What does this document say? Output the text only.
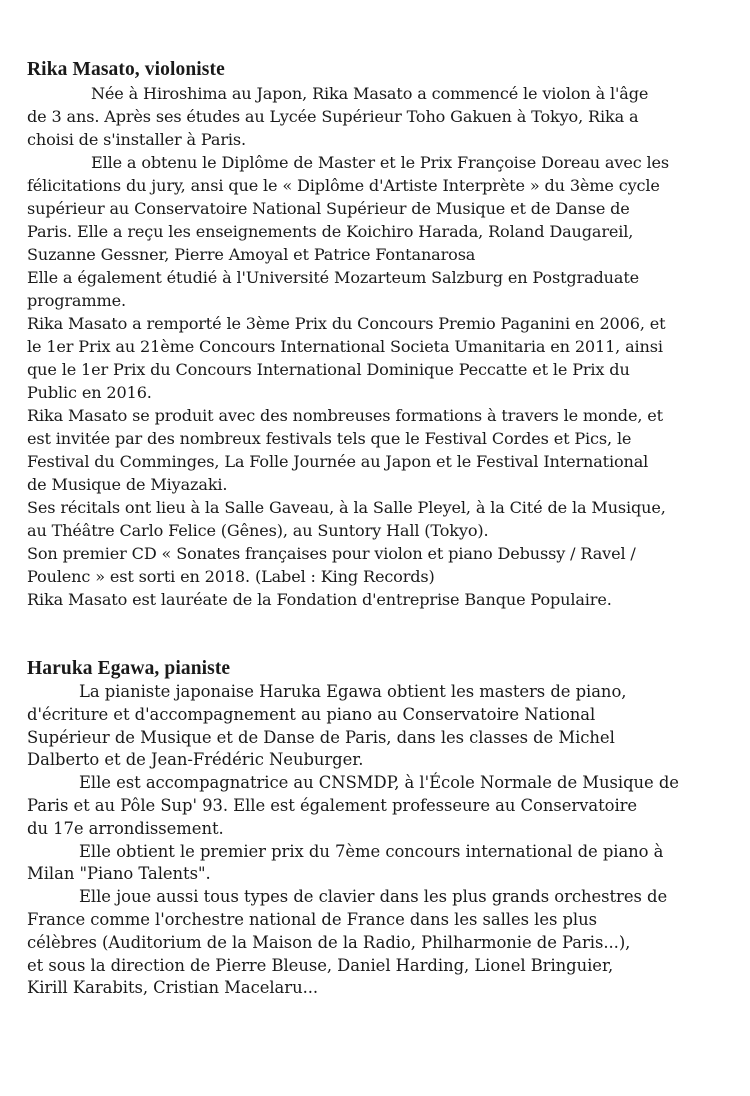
Rika Masato, violoniste
Née à Hiroshima au Japon, Rika Masato a commencé le violon à l'âge
de 3 ans. Après ses études au Lycée Supérieur Toho Gakuen à Tokyo, Rika a
choisi de s'installer à Paris.
Elle a obtenu le Diplôme de Master et le Prix Françoise Doreau avec les
félicitations du jury, ansi que le « Diplôme d'Artiste Interprète » du 3ème cycle
supérieur au Conservatoire National Supérieur de Musique et de Danse de
Paris. Elle a reçu les enseignements de Koichiro Harada, Roland Daugareil,
Suzanne Gessner, Pierre Amoyal et Patrice Fontanarosa
Elle a également étudié à l'Université Mozarteum Salzburg en Postgraduate
programme.
Rika Masato a remporté le 3ème Prix du Concours Premio Paganini en 2006, et
le 1er Prix au 21ème Concours International Societa Umanitaria en 2011, ainsi
que le 1er Prix du Concours International Dominique Peccatte et le Prix du
Public en 2016.
Rika Masato se produit avec des nombreuses formations à travers le monde, et
est invitée par des nombreux festivals tels que le Festival Cordes et Pics, le
Festival du Comminges, La Folle Journée au Japon et le Festival International
de Musique de Miyazaki.
Ses récitals ont lieu à la Salle Gaveau, à la Salle Pleyel, à la Cité de la Musique,
au Théâtre Carlo Felice (Gênes), au Suntory Hall (Tokyo).
Son premier CD « Sonates françaises pour violon et piano Debussy / Ravel /
Poulenc » est sorti en 2018. (Label : King Records)
Rika Masato est lauréate de la Fondation d'entreprise Banque Populaire.
Haruka Egawa, pianiste
La pianiste japonaise Haruka Egawa obtient les masters de piano,
d'écriture et d'accompagnement au piano au Conservatoire National
Supérieur de Musique et de Danse de Paris, dans les classes de Michel
Dalberto et de Jean-Frédéric Neuburger.
Elle est accompagnatrice au CNSMDP, à l'École Normale de Musique de
Paris et au Pôle Sup' 93. Elle est également professeure au Conservatoire
du 17e arrondissement.
Elle obtient le premier prix du 7ème concours international de piano à
Milan "Piano Talents".
Elle joue aussi tous types de clavier dans les plus grands orchestres de
France comme l'orchestre national de France dans les salles les plus
célèbres (Auditorium de la Maison de la Radio, Philharmonie de Paris...),
et sous la direction de Pierre Bleuse, Daniel Harding, Lionel Bringuier,
Kirill Karabits, Cristian Macelaru...
